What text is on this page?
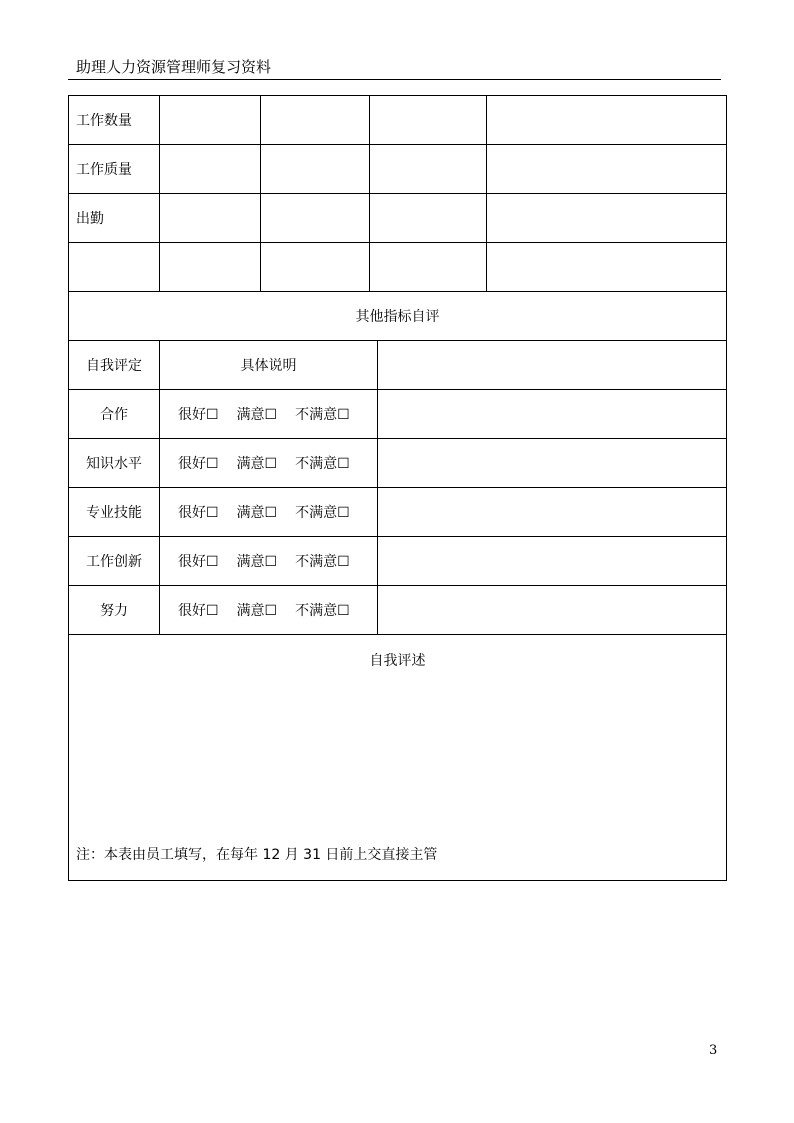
助理人力资源管理师复习资料
工作数量					
工作质量					
出勤					

其他指标自评					
自我评定	具体说明				
合作	很好☐ 满意☐ 不满意☐				
知识水平	很好☐ 满意☐ 不满意☐				
专业技能	很好☐ 满意☐ 不满意☐				
工作创新	很好☐ 满意☐ 不满意☐				
努力	很好☐ 满意☐ 不满意☐				

自我评述
注：本表由员工填写，在每年 12 月 31 日前上交直接主管					
3
